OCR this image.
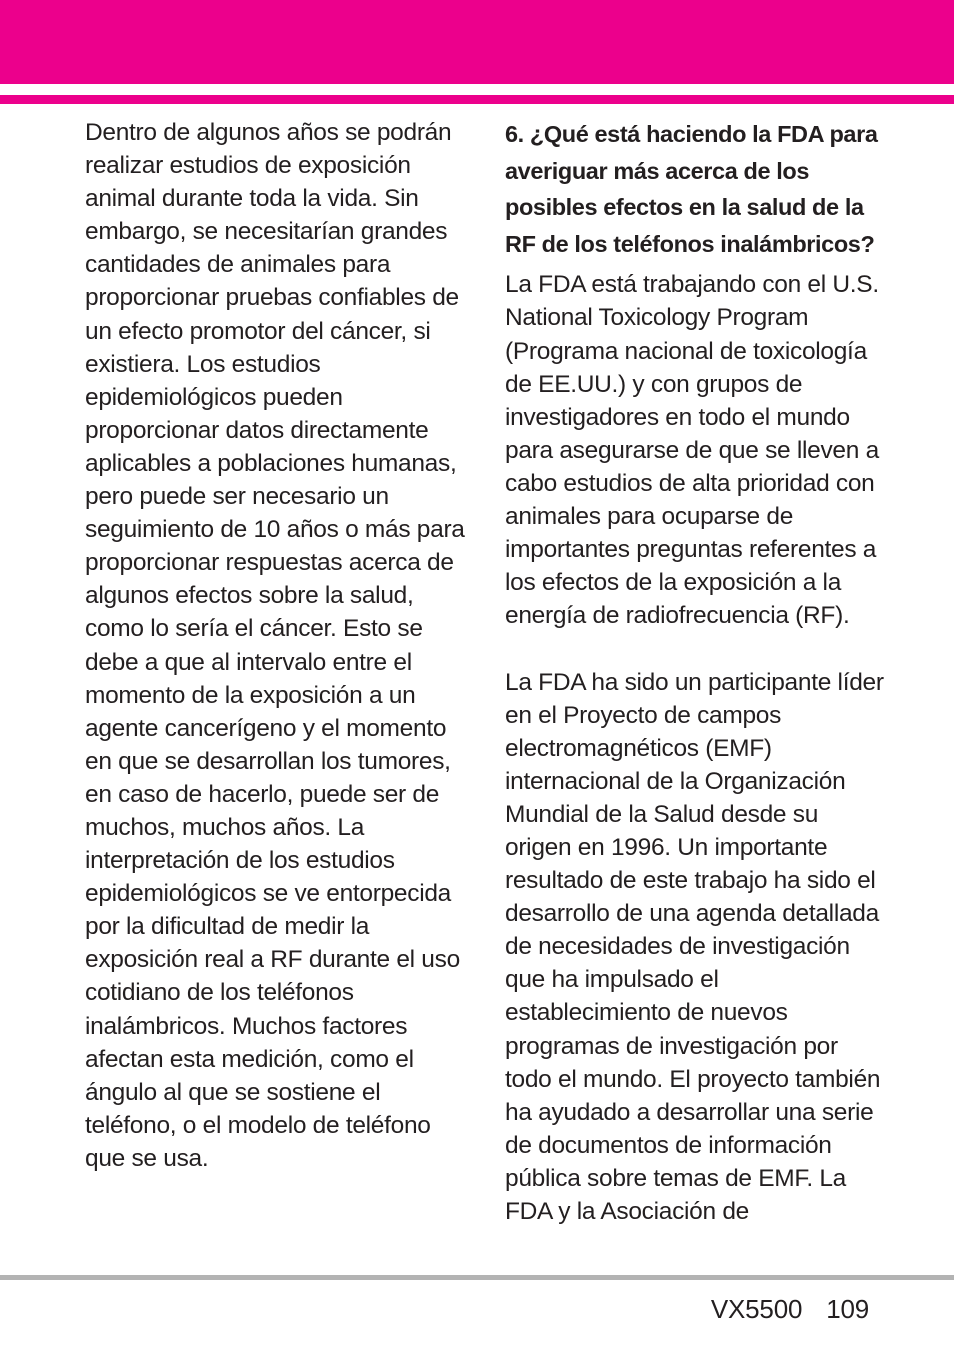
Dentro de algunos años se podrán
realizar estudios de exposición
animal durante toda la vida. Sin
embargo, se necesitarían grandes
cantidades de animales para
proporcionar pruebas confiables de
un efecto promotor del cáncer, si
existiera. Los estudios
epidemiológicos pueden
proporcionar datos directamente
aplicables a poblaciones humanas,
pero puede ser necesario un
seguimiento de 10 años o más para
proporcionar respuestas acerca de
algunos efectos sobre la salud,
como lo sería el cáncer. Esto se
debe a que al intervalo entre el
momento de la exposición a un
agente cancerígeno y el momento
en que se desarrollan los tumores,
en caso de hacerlo, puede ser de
muchos, muchos años. La
interpretación de los estudios
epidemiológicos se ve entorpecida
por la dificultad de medir la
exposición real a RF durante el uso
cotidiano de los teléfonos
inalámbricos. Muchos factores
afectan esta medición, como el
ángulo al que se sostiene el
teléfono, o el modelo de teléfono
que se usa.
6. ¿Qué está haciendo la FDA para
averiguar más acerca de los
posibles efectos en la salud de la
RF de los teléfonos inalámbricos?
La FDA está trabajando con el U.S.
National Toxicology Program
(Programa nacional de toxicología
de EE.UU.) y con grupos de
investigadores en todo el mundo
para asegurarse de que se lleven a
cabo estudios de alta prioridad con
animales para ocuparse de
importantes preguntas referentes a
los efectos de la exposición a la
energía de radiofrecuencia (RF).
La FDA ha sido un participante líder
en el Proyecto de campos
electromagnéticos (EMF)
internacional de la Organización
Mundial de la Salud desde su
origen en 1996. Un importante
resultado de este trabajo ha sido el
desarrollo de una agenda detallada
de necesidades de investigación
que ha impulsado el
establecimiento de nuevos
programas de investigación por
todo el mundo. El proyecto también
ha ayudado a desarrollar una serie
de documentos de información
pública sobre temas de EMF. La
FDA y la Asociación de
VX5500 109
